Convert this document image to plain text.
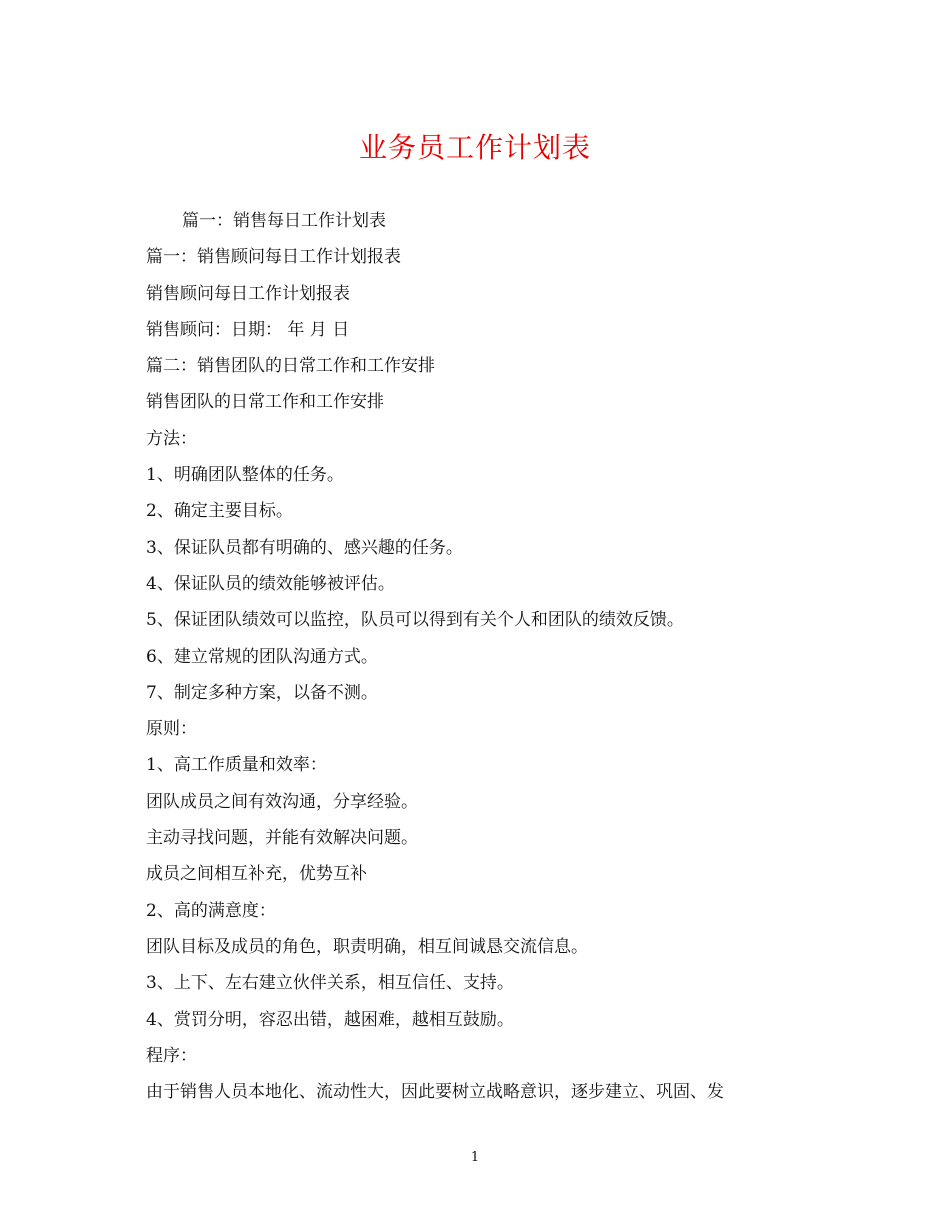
业务员工作计划表
篇一：销售每日工作计划表
篇一：销售顾问每日工作计划报表
销售顾问每日工作计划报表
销售顾问：日期： 年 月 日
篇二：销售团队的日常工作和工作安排
销售团队的日常工作和工作安排
方法：
1、明确团队整体的任务。
2、确定主要目标。
3、保证队员都有明确的、感兴趣的任务。
4、保证队员的绩效能够被评估。
5、保证团队绩效可以监控，队员可以得到有关个人和团队的绩效反馈。
6、建立常规的团队沟通方式。
7、制定多种方案，以备不测。
原则：
1、高工作质量和效率：
团队成员之间有效沟通，分享经验。
主动寻找问题，并能有效解决问题。
成员之间相互补充，优势互补
2、高的满意度：
团队目标及成员的角色，职责明确，相互间诚恳交流信息。
3、上下、左右建立伙伴关系，相互信任、支持。
4、赏罚分明，容忍出错，越困难，越相互鼓励。
程序：
由于销售人员本地化、流动性大，因此要树立战略意识，逐步建立、巩固、发
1
